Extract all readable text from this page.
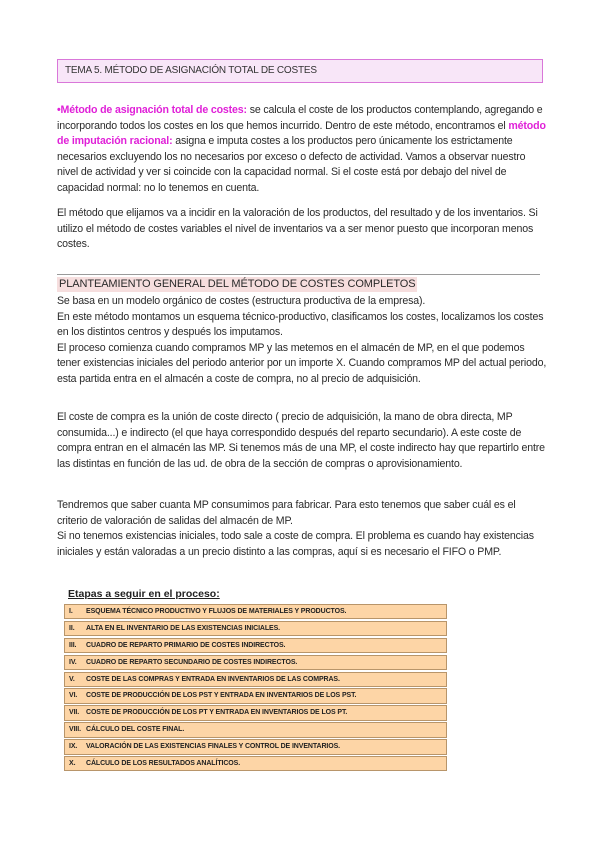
TEMA 5. MÉTODO DE ASIGNACIÓN TOTAL DE COSTES

•Método de asignación total de costes: se calcula el coste de los productos contemplando, agregando e incorporando todos los costes en los que hemos incurrido. Dentro de este método, encontramos el método de imputación racional: asigna e imputa costes a los productos pero únicamente los estrictamente necesarios excluyendo los no necesarios por exceso o defecto de actividad. Vamos a observar nuestro nivel de actividad y ver si coincide con la capacidad normal. Si el coste está por debajo del nivel de capacidad normal: no lo tenemos en cuenta.

El método que elijamos va a incidir en la valoración de los productos, del resultado y de los inventarios. Si utilizo el método de costes variables el nivel de inventarios va a ser menor puesto que incorporan menos costes.

PLANTEAMIENTO GENERAL DEL MÉTODO DE COSTES COMPLETOS

Se basa en un modelo orgánico de costes (estructura productiva de la empresa).

En este método montamos un esquema técnico-productivo, clasificamos los costes, localizamos los costes en los distintos centros y después los imputamos.

El proceso comienza cuando compramos MP y las metemos en el almacén de MP, en el que podemos tener existencias iniciales del periodo anterior por un importe X. Cuando compramos MP del actual periodo, esta partida entra en el almacén a coste de compra, no al precio de adquisición.

El coste de compra es la unión de coste directo ( precio de adquisición, la mano de obra directa, MP consumida...) e indirecto (el que haya correspondido después del reparto secundario). A este coste de compra entran en el almacén las MP. Si tenemos más de una MP, el coste indirecto hay que repartirlo entre las distintas en función de las ud. de obra de la sección de compras o aprovisionamiento.

Tendremos que saber cuanta MP consumimos para fabricar. Para esto tenemos que saber cuál es el criterio de valoración de salidas del almacén de MP.

Si no tenemos existencias iniciales, todo sale a coste de compra. El problema es cuando hay existencias iniciales y están valoradas a un precio distinto a las compras, aquí si es necesario el FIFO o PMP.

Etapas a seguir en el proceso:
I. ESQUEMA TÉCNICO PRODUCTIVO Y FLUJOS DE MATERIALES Y PRODUCTOS.
II. ALTA EN EL INVENTARIO DE LAS EXISTENCIAS INICIALES.
III. CUADRO DE REPARTO PRIMARIO DE COSTES INDIRECTOS.
IV. CUADRO DE REPARTO SECUNDARIO DE COSTES INDIRECTOS.
V. COSTE DE LAS COMPRAS Y ENTRADA EN INVENTARIOS DE LAS COMPRAS.
VI. COSTE DE PRODUCCIÓN DE LOS PST Y ENTRADA EN INVENTARIOS DE LOS PST.
VII. COSTE DE PRODUCCIÓN DE LOS PT Y ENTRADA EN INVENTARIOS DE LOS PT.
VIII. CÁLCULO DEL COSTE FINAL.
IX. VALORACIÓN DE LAS EXISTENCIAS FINALES Y CONTROL DE INVENTARIOS.
X. CÁLCULO DE LOS RESULTADOS ANALÍTICOS.
